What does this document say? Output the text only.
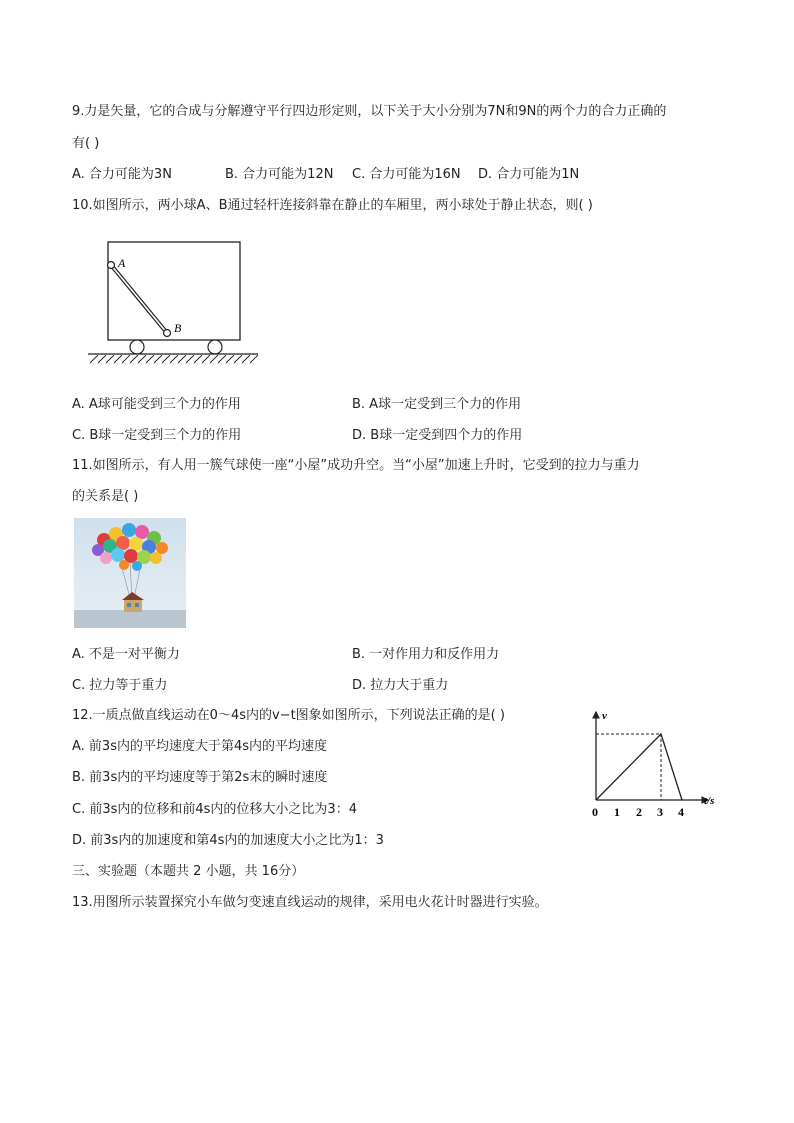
9.力是矢量，它的合成与分解遵守平行四边形定则，以下关于大小分别为7N和9N的两个力的合力正确的
有( )
A. 合力可能为3N	B. 合力可能为12N C. 合力可能为16N D. 合力可能为1N
10.如图所示，两小球A、B通过轻杆连接斜靠在静止的车厢里，两小球处于静止状态，则( )
A
B
A. A球可能受到三个力的作用	B. A球一定受到三个力的作用
C. B球一定受到三个力的作用	D. B球一定受到四个力的作用
11.如图所示，有人用一簇气球使一座“小屋”成功升空。当“小屋”加速上升时，它受到的拉力与重力
的关系是( )
A. 不是一对平衡力	B. 一对作用力和反作用力
C. 拉力等于重力	D. 拉力大于重力
12.一质点做直线运动在0～4s内的v−t图象如图所示，下列说法正确的是( )
A. 前3s内的平均速度大于第4s内的平均速度
B. 前3s内的平均速度等于第2s末的瞬时速度
C. 前3s内的位移和前4s内的位移大小之比为3：4
D. 前3s内的加速度和第4s内的加速度大小之比为1：3
v
t/s
0 1 2 3 4
三、实验题（本题共 2 小题，共 16分）
13.用图所示装置探究小车做匀变速直线运动的规律，采用电火花计时器进行实验。
